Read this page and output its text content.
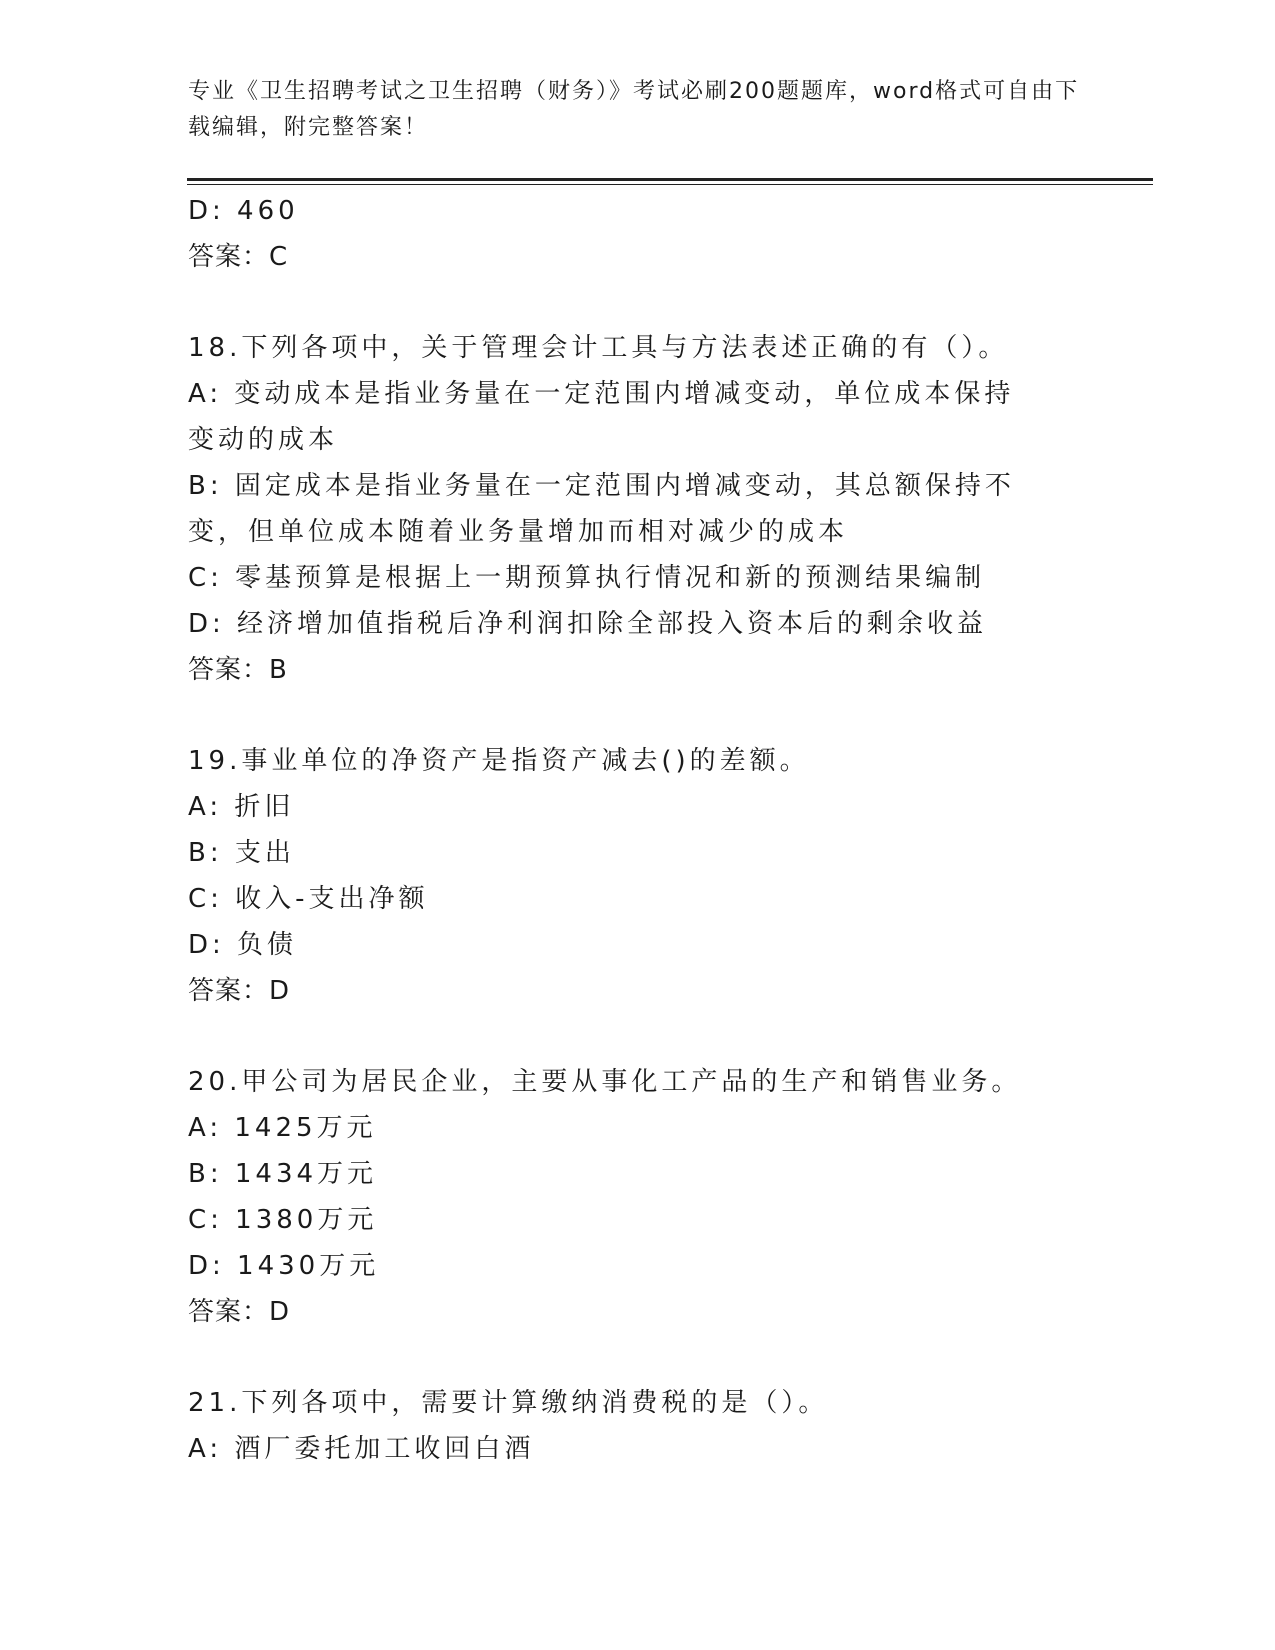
专业《卫生招聘考试之卫生招聘（财务）》考试必刷200题题库，word格式可自由下载编辑，附完整答案！
D: 460
答案：C
18.下列各项中，关于管理会计工具与方法表述正确的有（）。
A: 变动成本是指业务量在一定范围内增减变动，单位成本保持变动的成本
B: 固定成本是指业务量在一定范围内增减变动，其总额保持不变，但单位成本随着业务量增加而相对减少的成本
C: 零基预算是根据上一期预算执行情况和新的预测结果编制
D: 经济增加值指税后净利润扣除全部投入资本后的剩余收益
答案：B
19.事业单位的净资产是指资产减去()的差额。
A: 折旧
B: 支出
C: 收入-支出净额
D: 负债
答案：D
20.甲公司为居民企业，主要从事化工产品的生产和销售业务。
A: 1425万元
B: 1434万元
C: 1380万元
D: 1430万元
答案：D
21.下列各项中，需要计算缴纳消费税的是（）。
A: 酒厂委托加工收回白酒
